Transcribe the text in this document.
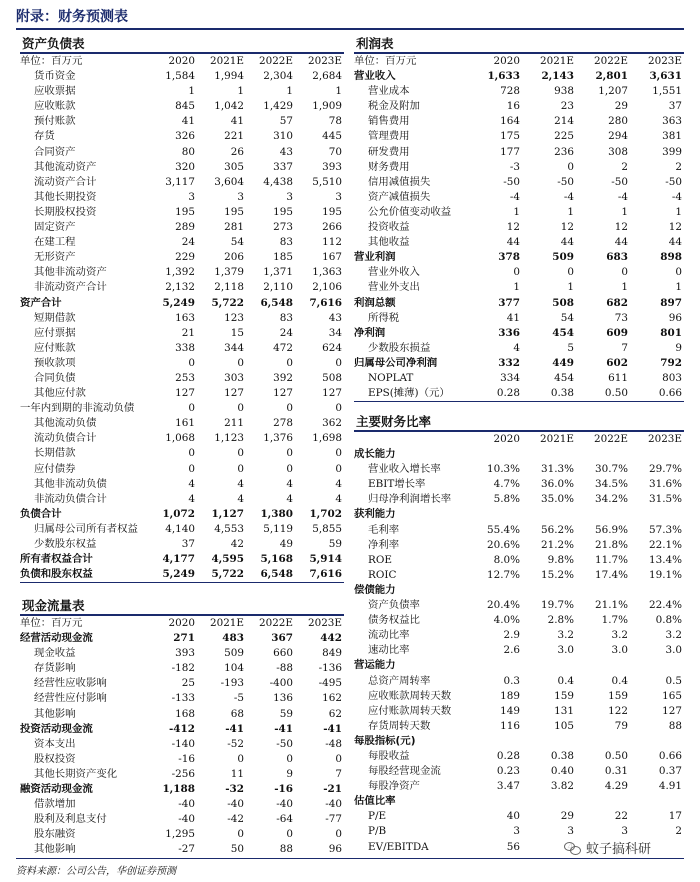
附录：财务预测表
资产负债表
单位：百万元	2020	2021E	2022E	2023E
货币资金	1,584	1,994	2,304	2,684
应收票据	1	1	1	1
应收账款	845	1,042	1,429	1,909
预付账款	41	41	57	78
存货	326	221	310	445
合同资产	80	26	43	70
其他流动资产	320	305	337	393
流动资产合计	3,117	3,604	4,438	5,510
其他长期投资	3	3	3	3
长期股权投资	195	195	195	195
固定资产	289	281	273	266
在建工程	24	54	83	112
无形资产	229	206	185	167
其他非流动资产	1,392	1,379	1,371	1,363
非流动资产合计	2,132	2,118	2,110	2,106
资产合计	5,249	5,722	6,548	7,616
短期借款	163	123	83	43
应付票据	21	15	24	34
应付账款	338	344	472	624
预收款项	0	0	0	0
合同负债	253	303	392	508
其他应付款	127	127	127	127
一年内到期的非流动负债	0	0	0	0
其他流动负债	161	211	278	362
流动负债合计	1,068	1,123	1,376	1,698
长期借款	0	0	0	0
应付债券	0	0	0	0
其他非流动负债	4	4	4	4
非流动负债合计	4	4	4	4
负债合计	1,072	1,127	1,380	1,702
归属母公司所有者权益	4,140	4,553	5,119	5,855
少数股东权益	37	42	49	59
所有者权益合计	4,177	4,595	5,168	5,914
负债和股东权益	5,249	5,722	6,548	7,616
现金流量表
单位：百万元	2020	2021E	2022E	2023E
经营活动现金流	271	483	367	442
现金收益	393	509	660	849
存货影响	-182	104	-88	-136
经营性应收影响	25	-193	-400	-495
经营性应付影响	-133	-5	136	162
其他影响	168	68	59	62
投资活动现金流	-412	-41	-41	-41
资本支出	-140	-52	-50	-48
股权投资	-16	0	0	0
其他长期资产变化	-256	11	9	7
融资活动现金流	1,188	-32	-16	-21
借款增加	-40	-40	-40	-40
股利及利息支付	-40	-42	-64	-77
股东融资	1,295	0	0	0
其他影响	-27	50	88	96
利润表
单位：百万元	2020	2021E	2022E	2023E
营业收入	1,633	2,143	2,801	3,631
营业成本	728	938	1,207	1,551
税金及附加	16	23	29	37
销售费用	164	214	280	363
管理费用	175	225	294	381
研发费用	177	236	308	399
财务费用	-3	0	2	2
信用减值损失	-50	-50	-50	-50
资产减值损失	-4	-4	-4	-4
公允价值变动收益	1	1	1	1
投资收益	12	12	12	12
其他收益	44	44	44	44
营业利润	378	509	683	898
营业外收入	0	0	0	0
营业外支出	1	1	1	1
利润总额	377	508	682	897
所得税	41	54	73	96
净利润	336	454	609	801
少数股东损益	4	5	7	9
归属母公司净利润	332	449	602	792
NOPLAT	334	454	611	803
EPS(摊薄)（元）	0.28	0.38	0.50	0.66
主要财务比率
	2020	2021E	2022E	2023E
成长能力				
营业收入增长率	10.3%	31.3%	30.7%	29.7%
EBIT增长率	4.7%	36.0%	34.5%	31.6%
归母净利润增长率	5.8%	35.0%	34.2%	31.5%
获利能力				
毛利率	55.4%	56.2%	56.9%	57.3%
净利率	20.6%	21.2%	21.8%	22.1%
ROE	8.0%	9.8%	11.7%	13.4%
ROIC	12.7%	15.2%	17.4%	19.1%
偿债能力				
资产负债率	20.4%	19.7%	21.1%	22.4%
债务权益比	4.0%	2.8%	1.7%	0.8%
流动比率	2.9	3.2	3.2	3.2
速动比率	2.6	3.0	3.0	3.0
营运能力				
总资产周转率	0.3	0.4	0.4	0.5
应收账款周转天数	189	159	159	165
应付账款周转天数	149	131	122	127
存货周转天数	116	105	79	88
每股指标(元)				
每股收益	0.28	0.38	0.50	0.66
每股经营现金流	0.23	0.40	0.31	0.37
每股净资产	3.47	3.82	4.29	4.91
估值比率				
P/E	40	29	22	17
P/B	3	3	3	2
EV/EBITDA	56			
资料来源：公司公告，华创证券预测
蚊子搞科研
